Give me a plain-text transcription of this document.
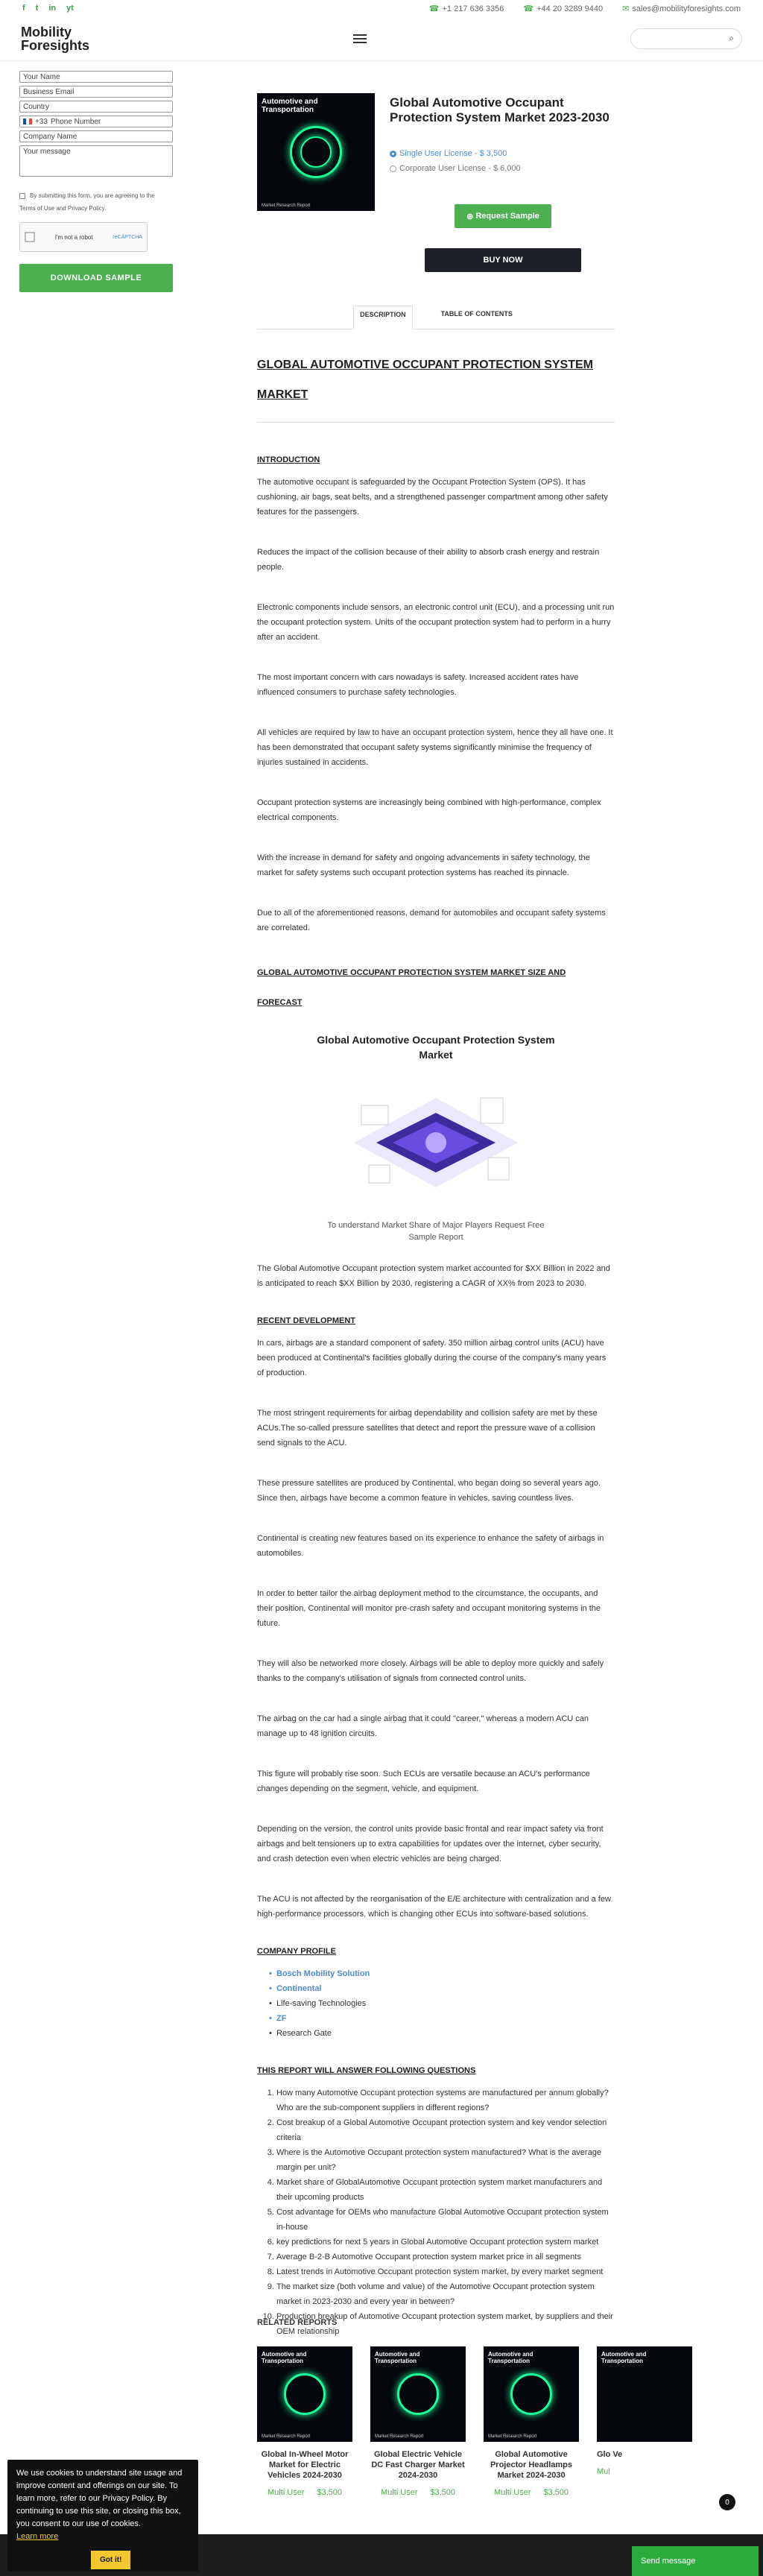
f t in yt	☎ +1 217 636 3356 ☎ +44 20 3289 9440 ✉ sales@mobilityforesights.com
Mobility
Foresights	⌕
Your Name
Business Email
Country
+33 Phone Number
Company Name
Your message
By submitting this form, you are agreeing to the
Terms of Use and Privacy Policy.
I'm not a robot	reCAPTCHA
DOWNLOAD SAMPLE
Automotive and Transportation
Market Research Report
Global Automotive Occupant Protection System Market 2023-2030
Single User License - $ 3,500
Corporate User License - $ 6,000
⊕ Request Sample
BUY NOW
DESCRIPTION	TABLE OF CONTENTS
GLOBAL AUTOMOTIVE OCCUPANT PROTECTION SYSTEM
MARKET
INTRODUCTION

The automotive occupant is safeguarded by the Occupant Protection System (OPS). It has cushioning, air bags, seat belts, and a strengthened passenger compartment among other safety features for the passengers.

Reduces the impact of the collision because of their ability to absorb crash energy and restrain people.

Electronic components include sensors, an electronic control unit (ECU), and a processing unit run the occupant protection system. Units of the occupant protection system had to perform in a hurry after an accident.

The most important concern with cars nowadays is safety. Increased accident rates have influenced consumers to purchase safety technologies.

All vehicles are required by law to have an occupant protection system, hence they all have one. It has been demonstrated that occupant safety systems significantly minimise the frequency of injuries sustained in accidents.

Occupant protection systems are increasingly being combined with high-performance, complex electrical components.

With the increase in demand for safety and ongoing advancements in safety technology, the market for safety systems such occupant protection systems has reached its pinnacle.

Due to all of the aforementioned reasons, demand for automobiles and occupant safety systems are correlated.

GLOBAL AUTOMOTIVE OCCUPANT PROTECTION SYSTEM MARKET SIZE AND
FORECAST
Global Automotive Occupant Protection System Market
To understand Market Share of Major Players Request Free Sample Report

The Global Automotive Occupant protection system market accounted for $XX Billion in 2022 and is anticipated to reach $XX Billion by 2030, registering a CAGR of XX% from 2023 to 2030.

RECENT DEVELOPMENT

In cars, airbags are a standard component of safety. 350 million airbag control units (ACU) have been produced at Continental's facilities globally during the course of the company's many years of production.

The most stringent requirements for airbag dependability and collision safety are met by these ACUs.The so-called pressure satellites that detect and report the pressure wave of a collision send signals to the ACU.

These pressure satellites are produced by Continental, who began doing so several years ago. Since then, airbags have become a common feature in vehicles, saving countless lives.

Continental is creating new features based on its experience to enhance the safety of airbags in automobiles.

In order to better tailor the airbag deployment method to the circumstance, the occupants, and their position, Continental will monitor pre-crash safety and occupant monitoring systems in the future.

They will also be networked more closely. Airbags will be able to deploy more quickly and safely thanks to the company's utilisation of signals from connected control units.

The airbag on the car had a single airbag that it could "career," whereas a modern ACU can manage up to 48 ignition circuits.

This figure will probably rise soon. Such ECUs are versatile because an ACU's performance changes depending on the segment, vehicle, and equipment.

Depending on the version, the control units provide basic frontal and rear impact safety via front airbags and belt tensioners up to extra capabilities for updates over the internet, cyber security, and crash detection even when electric vehicles are being charged.

The ACU is not affected by the reorganisation of the E/E architecture with centralization and a few high-performance processors, which is changing other ECUs into software-based solutions.

COMPANY PROFILE
• Bosch Mobility Solution
• Continental
• Life-saving Technologies
• ZF
• Research Gate
THIS REPORT WILL ANSWER FOLLOWING QUESTIONS
1. How many Automotive Occupant protection systems are manufactured per annum globally? Who are the sub-component suppliers in different regions?
2. Cost breakup of a Global Automotive Occupant protection system and key vendor selection criteria
3. Where is the Automotive Occupant protection system manufactured? What is the average margin per unit?
4. Market share of GlobalAutomotive Occupant protection system market manufacturers and their upcoming products
5. Cost advantage for OEMs who manufacture Global Automotive Occupant protection system in-house
6. key predictions for next 5 years in Global Automotive Occupant protection system market
7. Average B-2-B Automotive Occupant protection system market price in all segments
8. Latest trends in Automotive Occupant protection system market, by every market segment
9. The market size (both volume and value) of the Automotive Occupant protection system market in 2023-2030 and every year in between?
10. Production breakup of Automotive Occupant protection system market, by suppliers and their OEM relationship
RELATED REPORTS
Automotive and Transportation
Market Research Report
Global In-Wheel Motor Market for Electric Vehicles 2024-2030
Multi User $3,500
Automotive and Transportation
Market Research Report
Global Electric Vehicle DC Fast Charger Market 2024-2030
Multi User $3,500
Automotive and Transportation
Market Research Report
Global Automotive Projector Headlamps Market 2024-2030
Multi User $3,500
Automotive and Transportation
Glo Ve
Mul
We use cookies to understand site usage and improve content and offerings on our site. To learn more, refer to our Privacy Policy. By continuing to use this site, or closing this box, you consent to our use of cookies.
Learn more
Got it!
0
Send message
